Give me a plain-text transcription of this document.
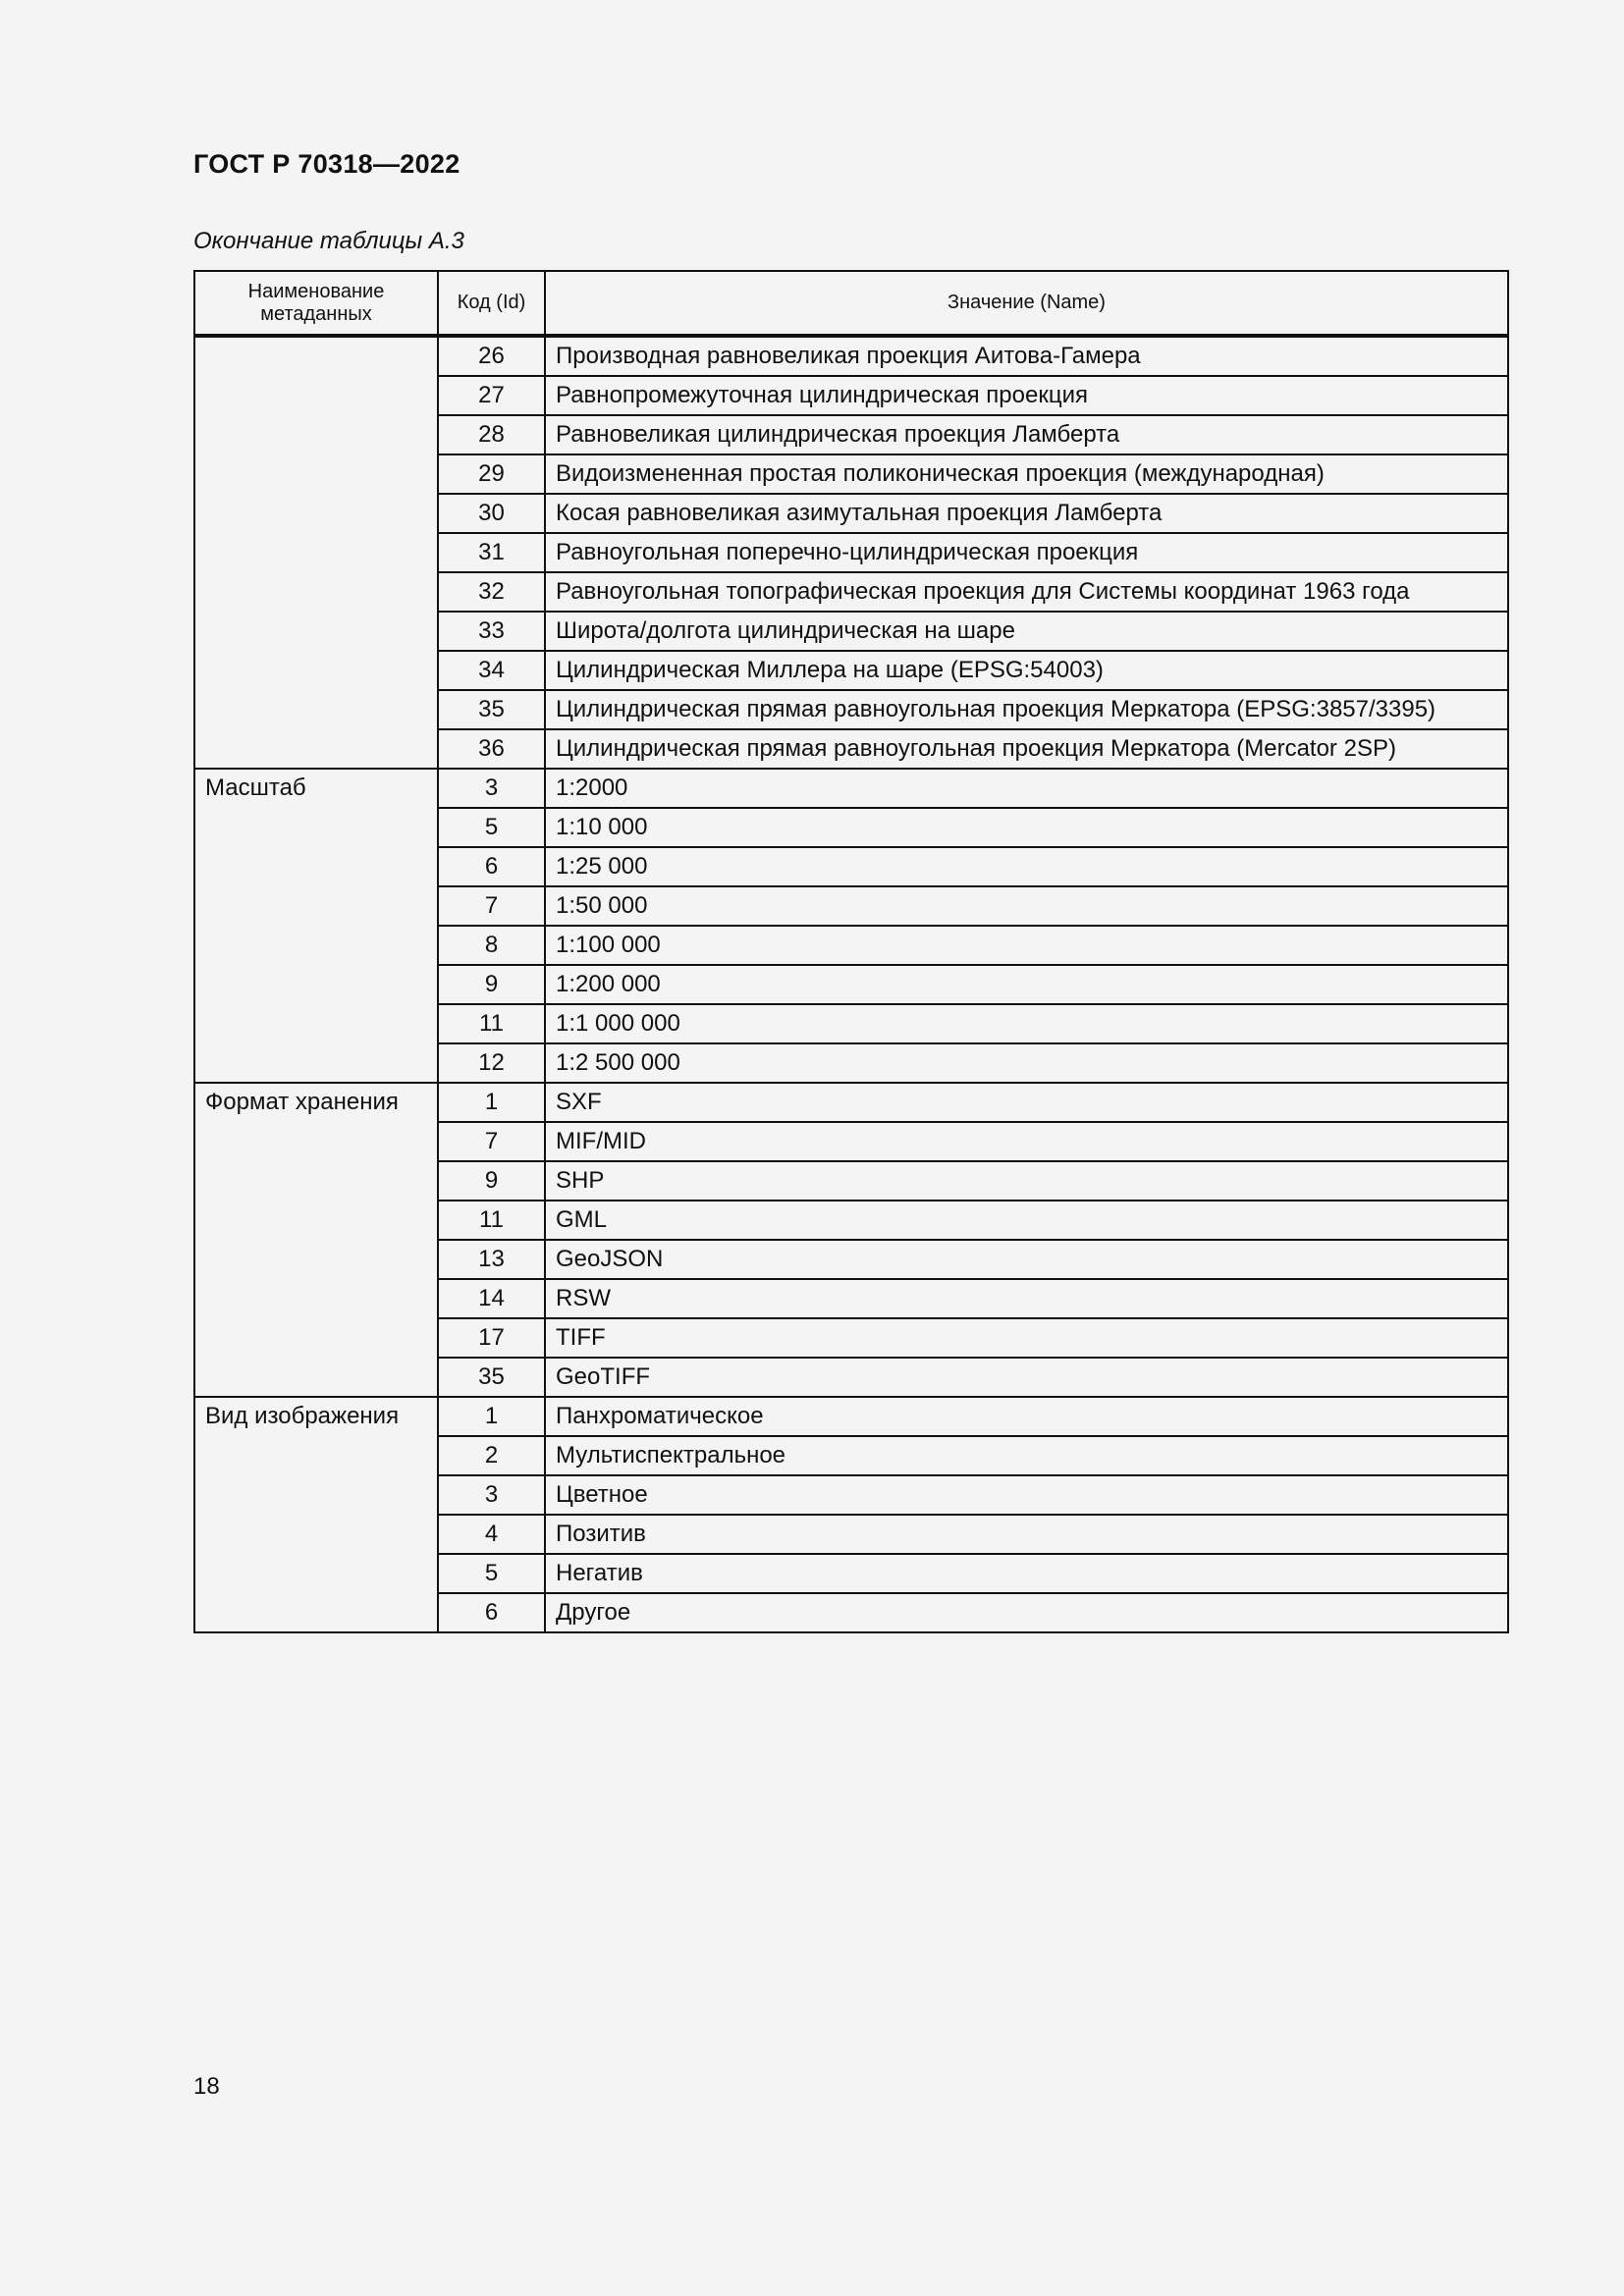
ГОСТ Р 70318—2022
Окончание таблицы А.3
Наименование метаданных	Код (Id)	Значение (Name)
	26	Производная равновеликая проекция Аитова-Гамера
	27	Равнопромежуточная цилиндрическая проекция
	28	Равновеликая цилиндрическая проекция Ламберта
	29	Видоизмененная простая поликоническая проекция (международная)
	30	Косая равновеликая азимутальная проекция Ламберта
	31	Равноугольная поперечно-цилиндрическая проекция
	32	Равноугольная топографическая проекция для Системы координат 1963 года
	33	Широта/долгота цилиндрическая на шаре
	34	Цилиндрическая Миллера на шаре (EPSG:54003)
	35	Цилиндрическая прямая равноугольная проекция Меркатора (EPSG:3857/3395)
	36	Цилиндрическая прямая равноугольная проекция Меркатора (Mercator 2SP)
Масштаб	3	1:2000
	5	1:10 000
	6	1:25 000
	7	1:50 000
	8	1:100 000
	9	1:200 000
	11	1:1 000 000
	12	1:2 500 000
Формат хранения	1	SXF
	7	MIF/MID
	9	SHP
	11	GML
	13	GeoJSON
	14	RSW
	17	TIFF
	35	GeoTIFF
Вид изображения	1	Панхроматическое
	2	Мультиспектральное
	3	Цветное
	4	Позитив
	5	Негатив
	6	Другое
18
